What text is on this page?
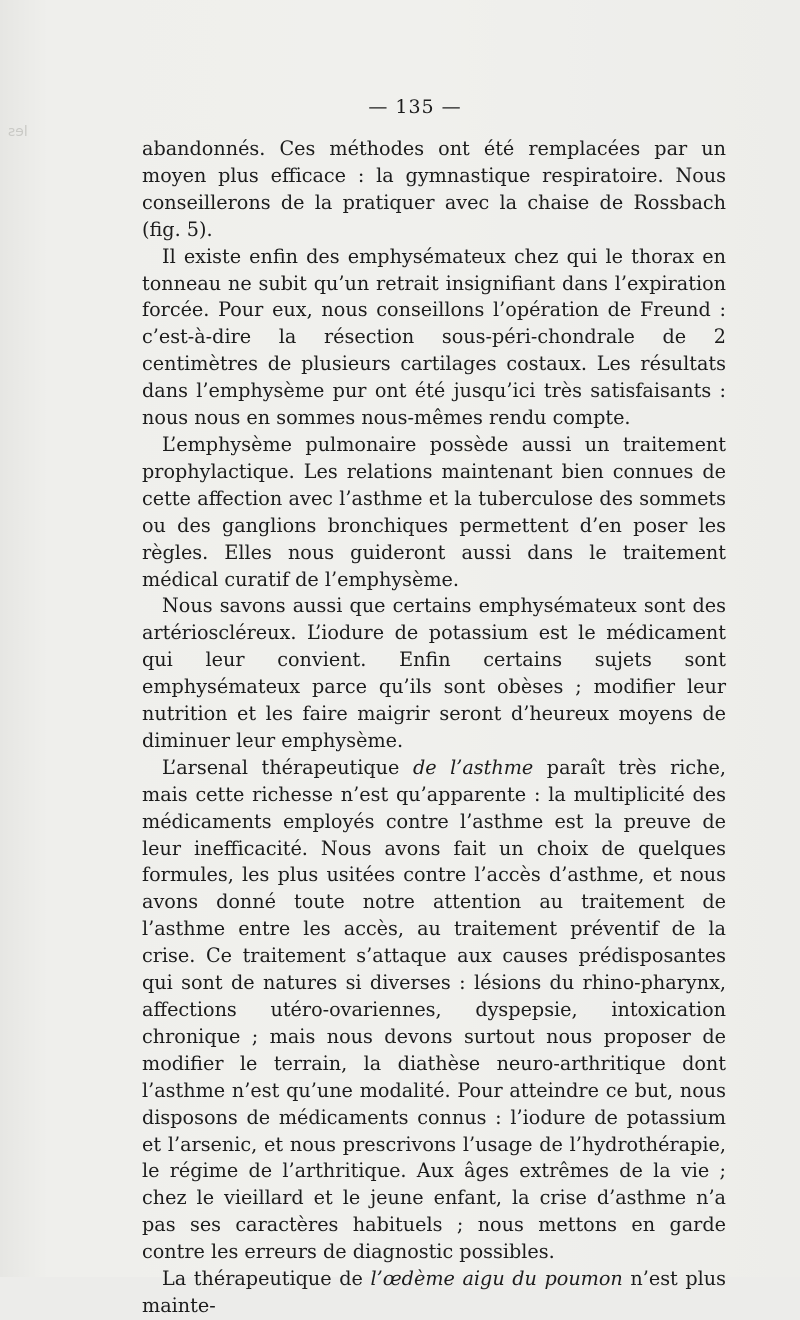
les
— 135 —

abandonnés. Ces méthodes ont été remplacées par un moyen plus efficace : la gymnastique respiratoire. Nous conseillerons de la pratiquer avec la chaise de Rossbach (fig. 5).

Il existe enfin des emphysémateux chez qui le thorax en tonneau ne subit qu’un retrait insignifiant dans l’expiration forcée. Pour eux, nous conseillons l’opération de Freund : c’est-à-dire la résection sous-péri-chondrale de 2 centimètres de plusieurs cartilages costaux. Les résultats dans l’emphysème pur ont été jusqu’ici très satisfaisants : nous nous en sommes nous-mêmes rendu compte.

L’emphysème pulmonaire possède aussi un traitement prophylactique. Les relations maintenant bien connues de cette affection avec l’asthme et la tuberculose des sommets ou des ganglions bronchiques permettent d’en poser les règles. Elles nous guideront aussi dans le traitement médical curatif de l’emphysème.

Nous savons aussi que certains emphysémateux sont des artérioscléreux. L’iodure de potassium est le médicament qui leur convient. Enfin certains sujets sont emphysémateux parce qu’ils sont obèses ; modifier leur nutrition et les faire maigrir seront d’heureux moyens de diminuer leur emphysème.

L’arsenal thérapeutique de l’asthme paraît très riche, mais cette richesse n’est qu’apparente : la multiplicité des médicaments employés contre l’asthme est la preuve de leur inefficacité. Nous avons fait un choix de quelques formules, les plus usitées contre l’accès d’asthme, et nous avons donné toute notre attention au traitement de l’asthme entre les accès, au traitement préventif de la crise. Ce traitement s’attaque aux causes prédisposantes qui sont de natures si diverses : lésions du rhino-pharynx, affections utéro-ovariennes, dyspepsie, intoxication chronique ; mais nous devons surtout nous proposer de modifier le terrain, la diathèse neuro-arthritique dont l’asthme n’est qu’une modalité. Pour atteindre ce but, nous disposons de médicaments connus : l’iodure de potassium et l’arsenic, et nous prescrivons l’usage de l’hydrothérapie, le régime de l’arthritique. Aux âges extrêmes de la vie ; chez le vieillard et le jeune enfant, la crise d’asthme n’a pas ses caractères habituels ; nous mettons en garde contre les erreurs de diagnostic possibles.

La thérapeutique de l’œdème aigu du poumon n’est plus mainte-
